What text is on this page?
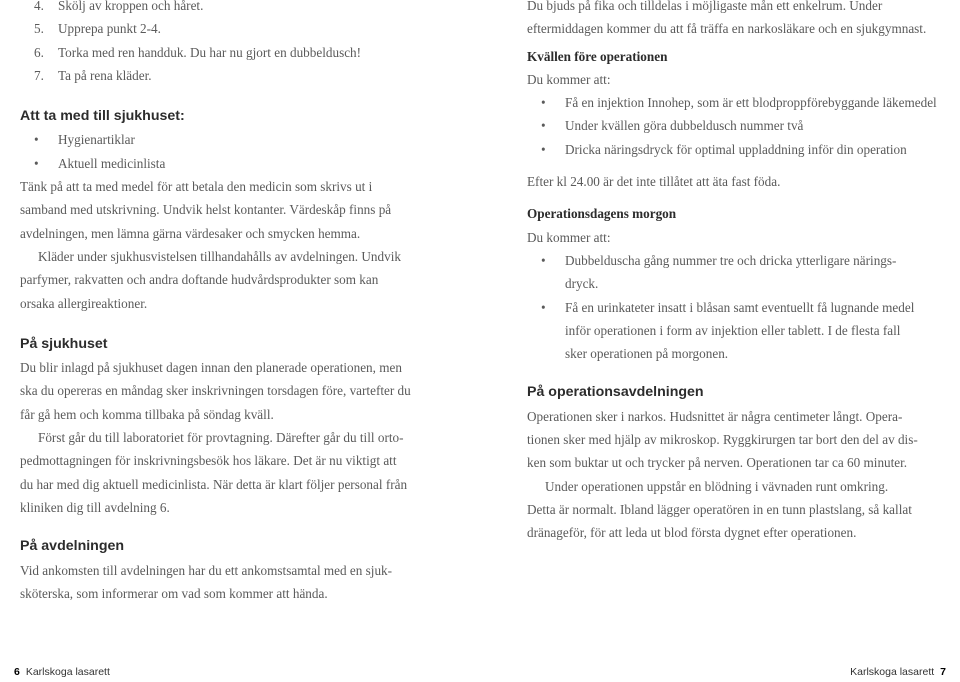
4. Skölj av kroppen och håret.
5. Upprepa punkt 2-4.
6. Torka med ren handduk. Du har nu gjort en dubbeldusch!
7. Ta på rena kläder.

Att ta med till sjukhuset:

• Hygienartiklar
• Aktuell medicinlista
Tänk på att ta med medel för att betala den medicin som skrivs ut i
samband med utskrivning. Undvik helst kontanter. Värdeskåp finns på
avdelningen, men lämna gärna värdesaker och smycken hemma.
Kläder under sjukhusvistelsen tillhandahålls av avdelningen. Undvik
parfymer, rakvatten och andra doftande hudvårdsprodukter som kan
orsaka allergireaktioner.

På sjukhuset

Du blir inlagd på sjukhuset dagen innan den planerade operationen, men
ska du opereras en måndag sker inskrivningen torsdagen före, vartefter du
får gå hem och komma tillbaka på söndag kväll.
Först går du till laboratoriet för provtagning. Därefter går du till orto-
pedmottagningen för inskrivningsbesök hos läkare. Det är nu viktigt att
du har med dig aktuell medicinlista. När detta är klart följer personal från
kliniken dig till avdelning 6.

På avdelningen

Vid ankomsten till avdelningen har du ett ankomstsamtal med en sjuk-
sköterska, som informerar om vad som kommer att hända.
Du bjuds på fika och tilldelas i möjligaste mån ett enkelrum. Under
eftermiddagen kommer du att få träffa en narkosläkare och en sjukgymnast.

Kvällen före operationen

Du kommer att:

• Få en injektion Innohep, som är ett blodproppförebyggande läkemedel
• Under kvällen göra dubbeldusch nummer två
• Dricka näringsdryck för optimal uppladdning inför din operation

Efter kl 24.00 är det inte tillåtet att äta fast föda.

Operationsdagens morgon

Du kommer att:

• Dubbelduscha gång nummer tre och dricka ytterligare närings-
dryck.
• Få en urinkateter insatt i blåsan samt eventuellt få lugnande medel
inför operationen i form av injektion eller tablett. I de flesta fall
sker operationen på morgonen.

På operationsavdelningen

Operationen sker i narkos. Hudsnittet är några centimeter långt. Opera-
tionen sker med hjälp av mikroskop. Ryggkirurgen tar bort den del av dis-
ken som buktar ut och trycker på nerven. Operationen tar ca 60 minuter.
Under operationen uppstår en blödning i vävnaden runt omkring.
Detta är normalt. Ibland lägger operatören in en tunn plastslang, så kallat
dränageför, för att leda ut blod första dygnet efter operationen.
6 Karlskoga lasarett	Karlskoga lasarett 7
